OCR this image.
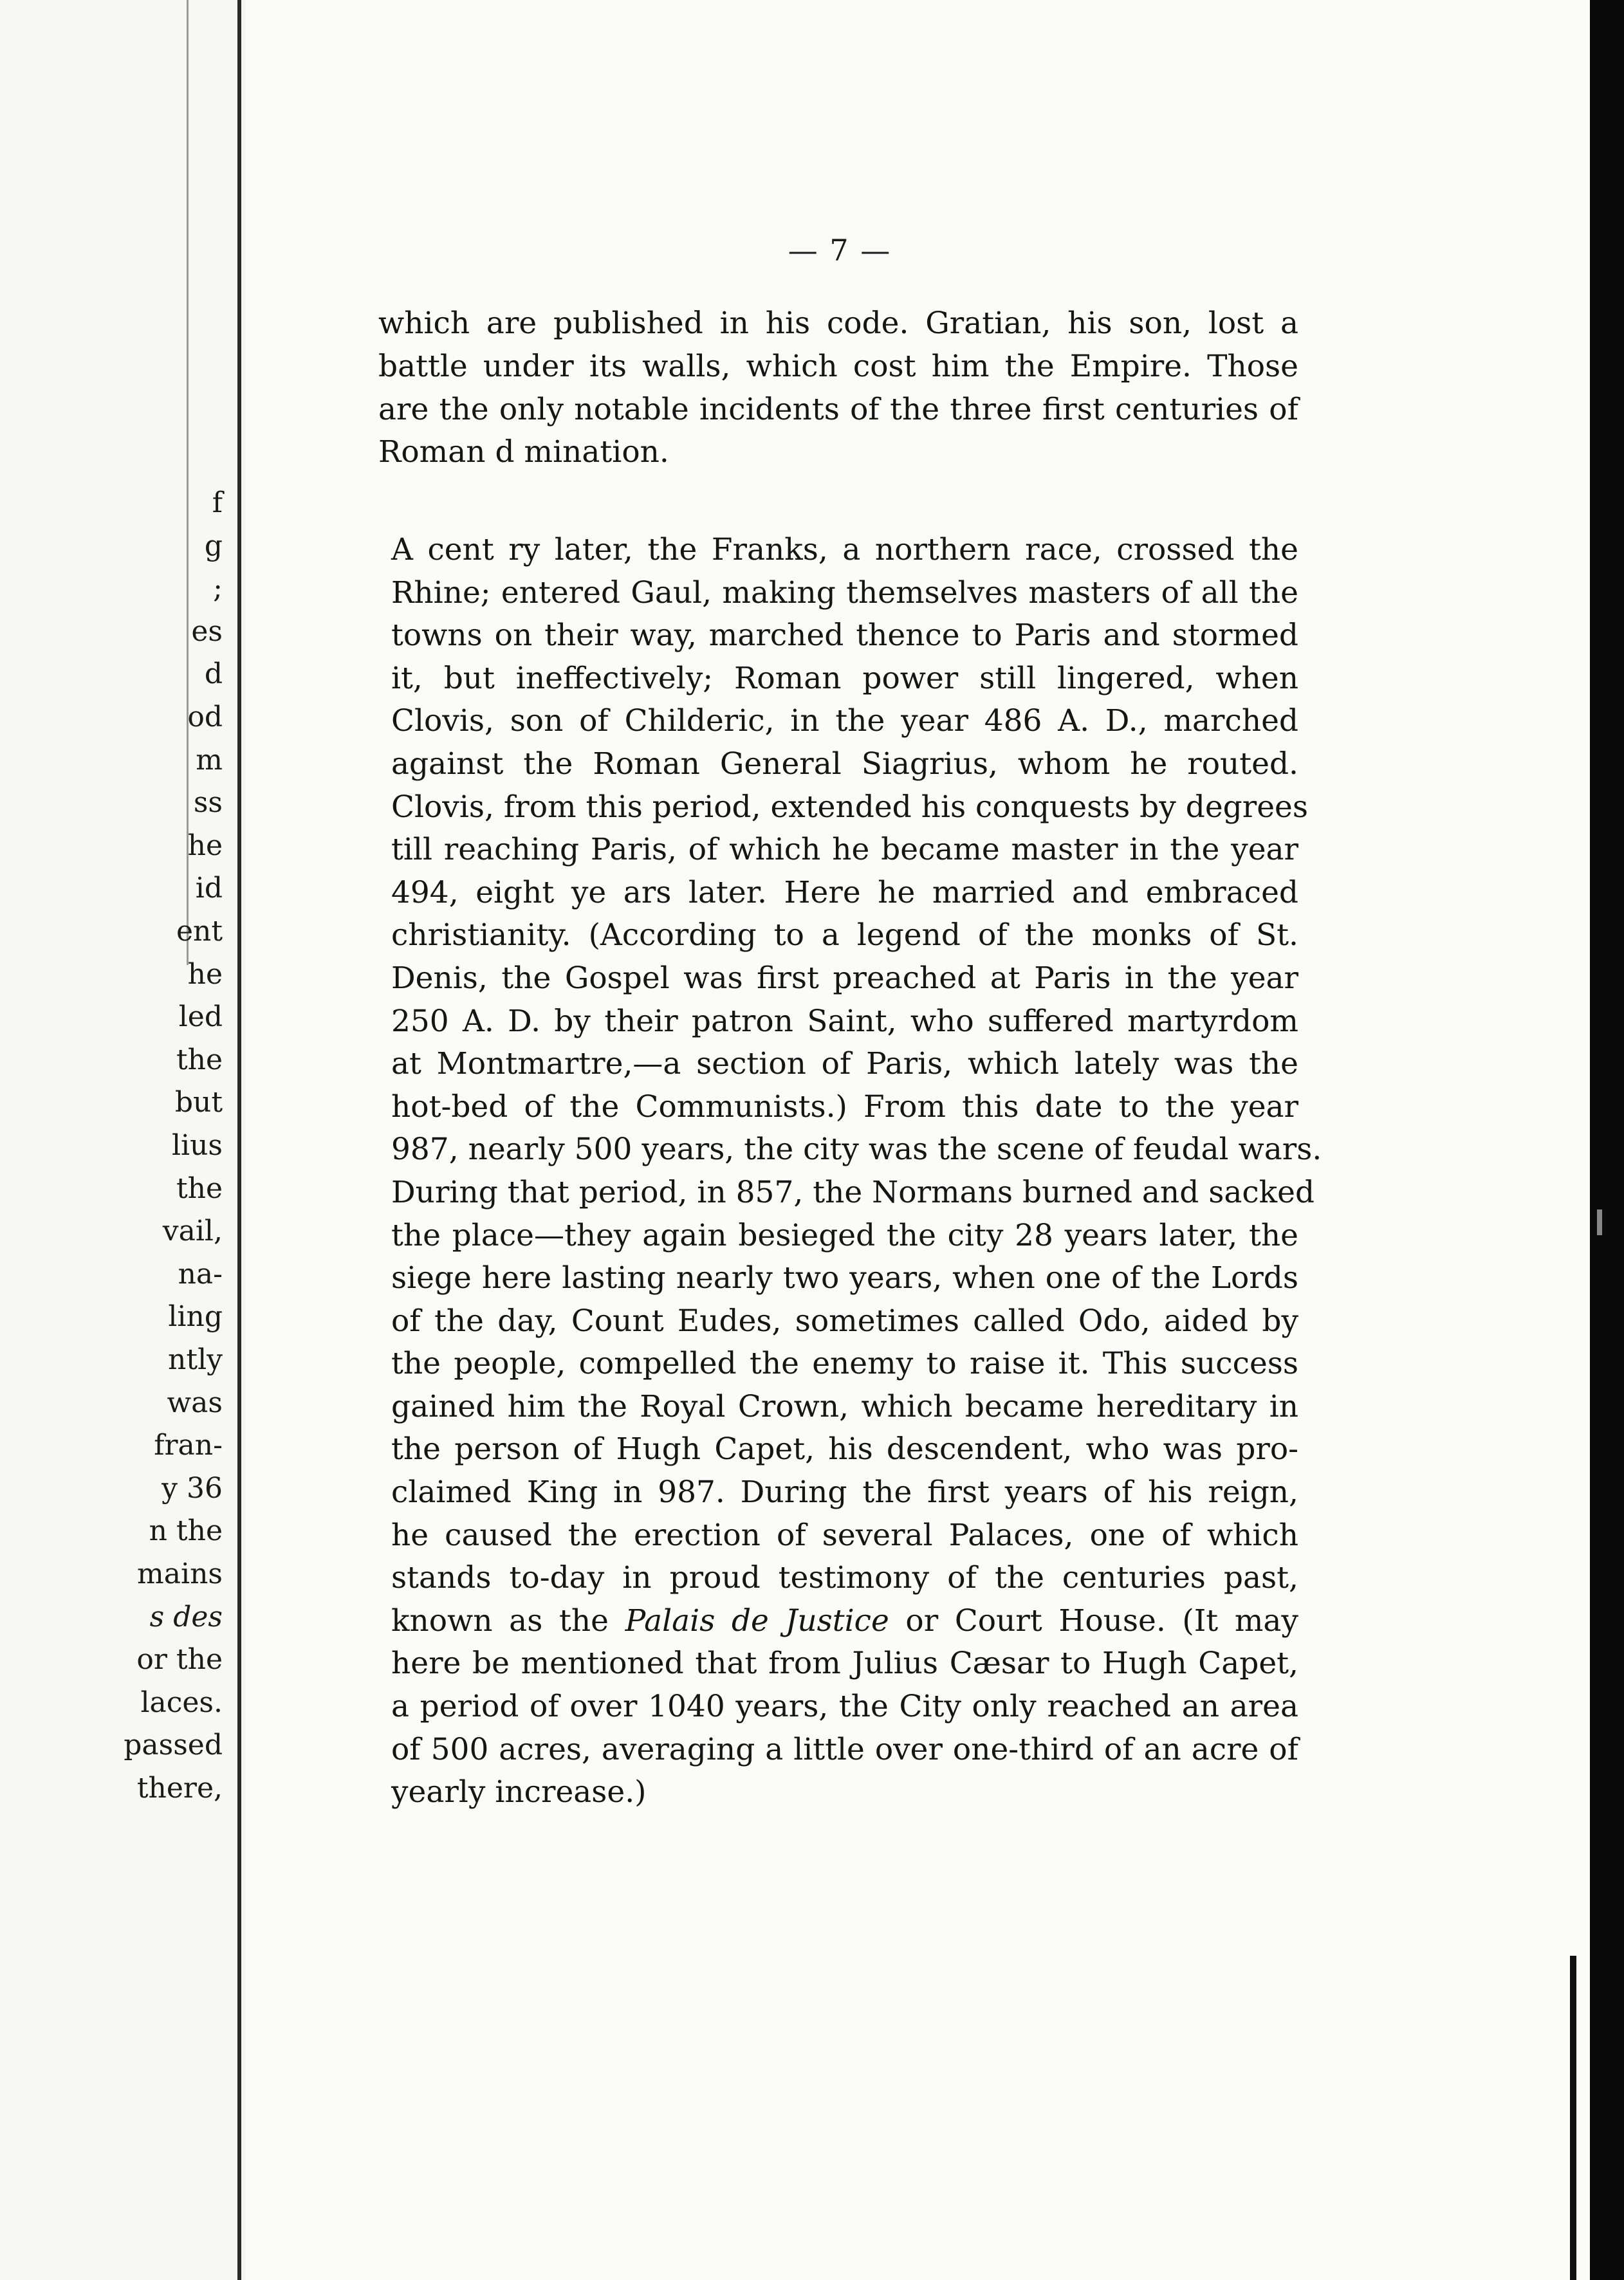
f
g
;
es
d
od
m
ss
he
id
ent
he
led
the
but
lius
the
vail,
na-
ling
ntly
was
fran-
y 36
n the
mains
s des
or the
laces.
passed
there,
— 7 —
which are published in his code. Gratian, his son, lost a
battle under its walls, which cost him the Empire. Those
are the only notable incidents of the three first centuries of
Roman d mination.
A cent ry later, the Franks, a northern race, crossed the
Rhine; entered Gaul, making themselves masters of all the
towns on their way, marched thence to Paris and stormed
it, but ineffectively; Roman power still lingered, when
Clovis, son of Childeric, in the year 486 A. D., marched
against the Roman General Siagrius, whom he routed.
Clovis, from this period, extended his conquests by degrees
till reaching Paris, of which he became master in the year
494, eight ye ars later. Here he married and embraced
christianity. (According to a legend of the monks of St.
Denis, the Gospel was first preached at Paris in the year
250 A. D. by their patron Saint, who suffered martyrdom
at Montmartre,—a section of Paris, which lately was the
hot-bed of the Communists.) From this date to the year
987, nearly 500 years, the city was the scene of feudal wars.
During that period, in 857, the Normans burned and sacked
the place—they again besieged the city 28 years later, the
siege here lasting nearly two years, when one of the Lords
of the day, Count Eudes, sometimes called Odo, aided by
the people, compelled the enemy to raise it. This success
gained him the Royal Crown, which became hereditary in
the person of Hugh Capet, his descendent, who was pro-
claimed King in 987. During the first years of his reign,
he caused the erection of several Palaces, one of which
stands to-day in proud testimony of the centuries past,
known as the Palais de Justice or Court House. (It may
here be mentioned that from Julius Cæsar to Hugh Capet,
a period of over 1040 years, the City only reached an area
of 500 acres, averaging a little over one-third of an acre of
yearly increase.)
